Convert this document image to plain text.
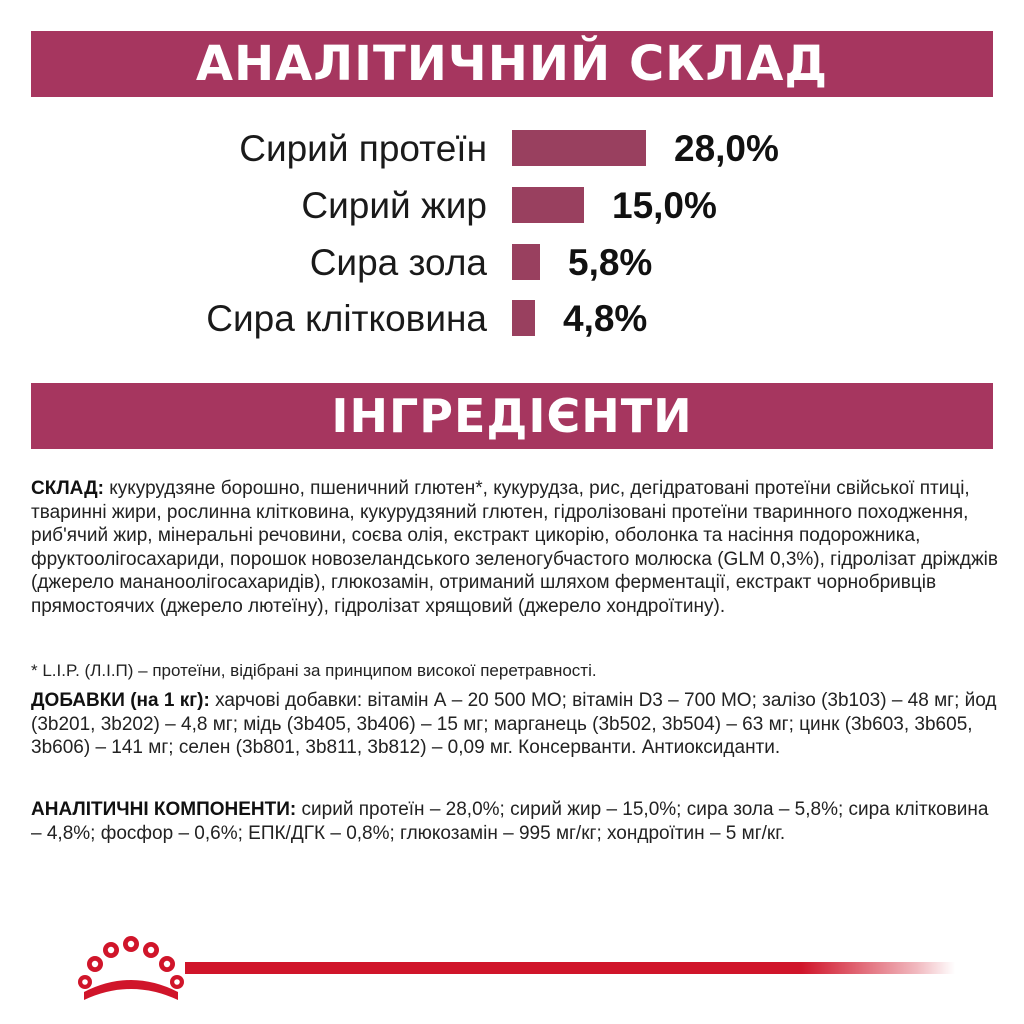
АНАЛІТИЧНИЙ СКЛАД
Сирий протеїн	28,0%
Сирий жир	15,0%
Сира зола 5,8%
Сира клітковина 4,8%
ІНГРЕДІЄНТИ
СКЛАД: кукурудзяне борошно, пшеничний глютен*, кукурудза, рис, дегідратовані протеїни свійської птиці, тваринні жири, рослинна клітковина, кукурудзяний глютен, гідролізовані протеїни тваринного походження, риб'ячий жир, мінеральні речовини, соєва олія, екстракт цикорію, оболонка та насіння подорожника, фруктоолігосахариди, порошок новозеландського зеленогубчастого молюска (GLM 0,3%), гідролізат дріжджів (джерело мананоолігосахаридів), глюкозамін, отриманий шляхом ферментації, екстракт чорнобривців прямостоячих (джерело лютеїну), гідролізат хрящовий (джерело хондроїтину).
* L.I.P. (Л.І.П) – протеїни, відібрані за принципом високої перетравності.
ДОБАВКИ (на 1 кг): харчові добавки: вітамін А – 20 500 МО; вітамін D3 – 700 МО; залізо (3b103) – 48 мг; йод (3b201, 3b202) – 4,8 мг; мідь (3b405, 3b406) – 15 мг; марганець (3b502, 3b504) – 63 мг; цинк (3b603, 3b605, 3b606) – 141 мг; селен (3b801, 3b811, 3b812) – 0,09 мг. Консерванти. Антиоксиданти.
АНАЛІТИЧНІ КОМПОНЕНТИ: сирий протеїн – 28,0%; сирий жир – 15,0%; сира зола – 5,8%; сира клітковина – 4,8%; фосфор – 0,6%; ЕПК/ДГК – 0,8%; глюкозамін – 995 мг/кг; хондроїтин – 5 мг/кг.
